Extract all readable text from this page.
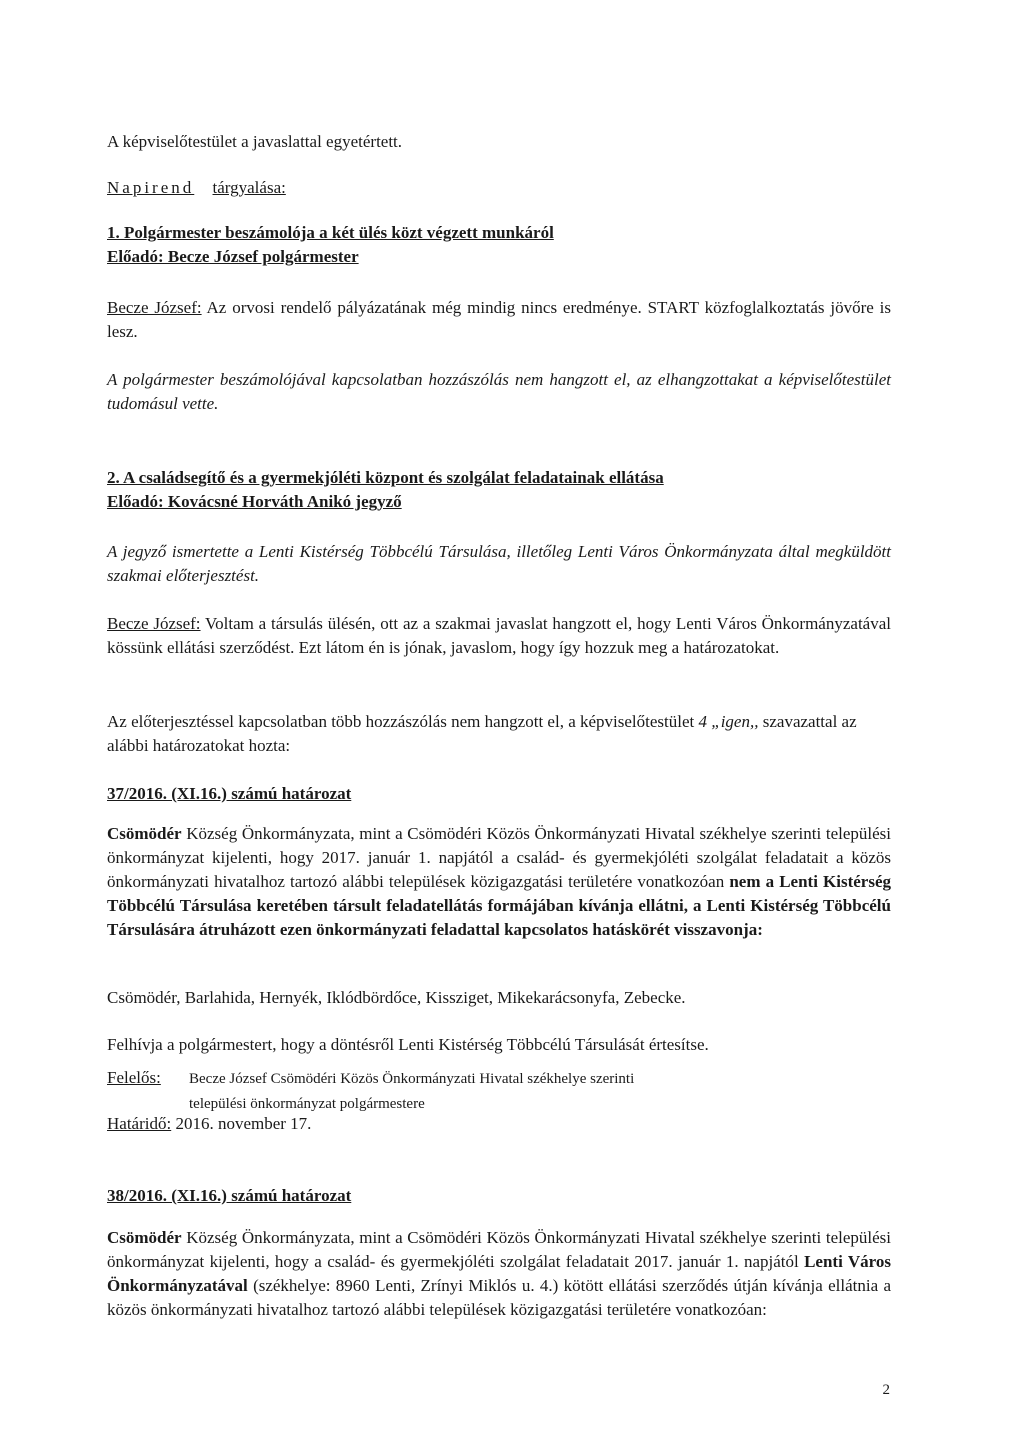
A képviselőtestület a javaslattal egyetértett.

Napirend tárgyalása:

1. Polgármester beszámolója a két ülés közt végzett munkáról

Előadó: Becze József polgármester

Becze József: Az orvosi rendelő pályázatának még mindig nincs eredménye. START közfoglalkoztatás jövőre is lesz.

A polgármester beszámolójával kapcsolatban hozzászólás nem hangzott el, az elhangzottakat a képviselőtestület tudomásul vette.

2. A családsegítő és a gyermekjóléti központ és szolgálat feladatainak ellátása

Előadó: Kovácsné Horváth Anikó jegyző

A jegyző ismertette a Lenti Kistérség Többcélú Társulása, illetőleg Lenti Város Önkormányzata által megküldött szakmai előterjesztést.

Becze József: Voltam a társulás ülésén, ott az a szakmai javaslat hangzott el, hogy Lenti Város Önkormányzatával kössünk ellátási szerződést. Ezt látom én is jónak, javaslom, hogy így hozzuk meg a határozatokat.

Az előterjesztéssel kapcsolatban több hozzászólás nem hangzott el, a képviselőtestület 4 „igen,, szavazattal az alábbi határozatokat hozta:

37/2016. (XI.16.) számú határozat

Csömödér Község Önkormányzata, mint a Csömödéri Közös Önkormányzati Hivatal székhelye szerinti települési önkormányzat kijelenti, hogy 2017. január 1. napjától a család- és gyermekjóléti szolgálat feladatait a közös önkormányzati hivatalhoz tartozó alábbi települések közigazgatási területére vonatkozóan nem a Lenti Kistérség Többcélú Társulása keretében társult feladatellátás formájában kívánja ellátni, a Lenti Kistérség Többcélú Társulására átruházott ezen önkormányzati feladattal kapcsolatos hatáskörét visszavonja:

Csömödér, Barlahida, Hernyék, Iklódbördőce, Kissziget, Mikekarácsonyfa, Zebecke.

Felhívja a polgármestert, hogy a döntésről Lenti Kistérség Többcélú Társulását értesítse.

Felelős: Becze József Csömödéri Közös Önkormányzati Hivatal székhelye szerinti
települési önkormányzat polgármestere

Határidő: 2016. november 17.

38/2016. (XI.16.) számú határozat

Csömödér Község Önkormányzata, mint a Csömödéri Közös Önkormányzati Hivatal székhelye szerinti települési önkormányzat kijelenti, hogy a család- és gyermekjóléti szolgálat feladatait 2017. január 1. napjától Lenti Város Önkormányzatával (székhelye: 8960 Lenti, Zrínyi Miklós u. 4.) kötött ellátási szerződés útján kívánja ellátnia a közös önkormányzati hivatalhoz tartozó alábbi települések közigazgatási területére vonatkozóan:

2
